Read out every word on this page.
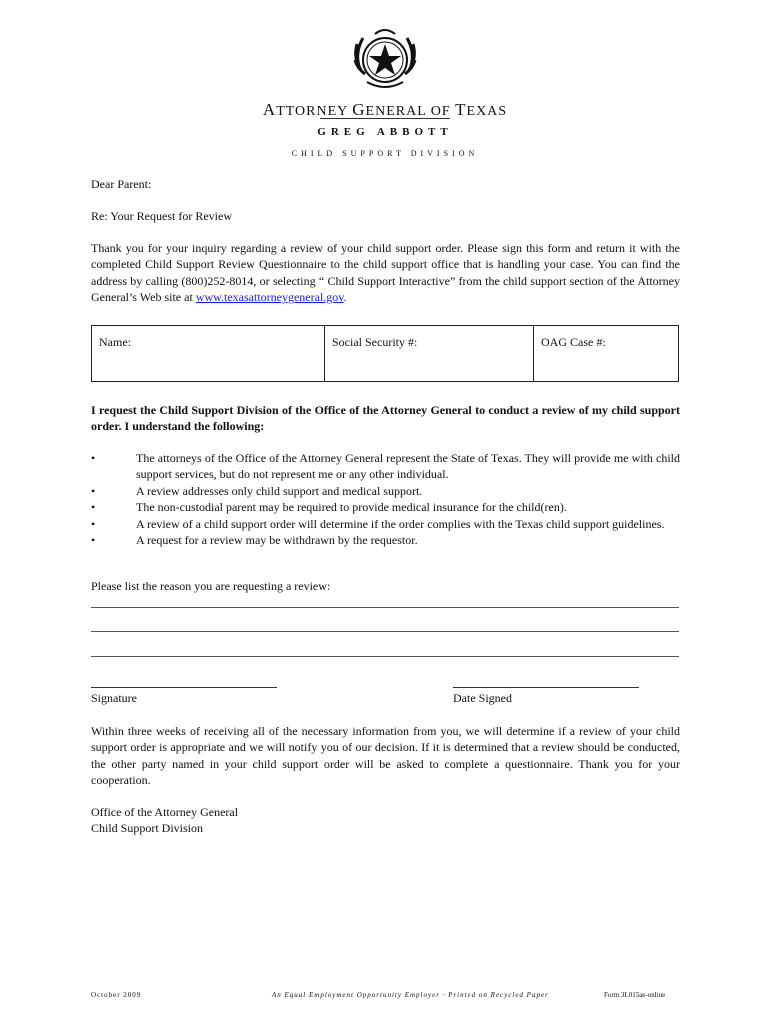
ATTORNEY GENERAL OF TEXAS
GREG ABBOTT
CHILD SUPPORT DIVISION
Dear Parent:
Re: Your Request for Review
Thank you for your inquiry regarding a review of your child support order. Please sign this form and return it with the completed Child Support Review Questionnaire to the child support office that is handling your case. You can find the address by calling (800)252-8014, or selecting “ Child Support Interactive” from the child support section of the Attorney General’s Web site at www.texasattorneygeneral.gov.
Name:	Social Security #:	OAG Case #:
I request the Child Support Division of the Office of the Attorney General to conduct a review of my child support order. I understand the following:
•	The attorneys of the Office of the Attorney General represent the State of Texas. They will provide me with child support services, but do not represent me or any other individual.
•	A review addresses only child support and medical support.
•	The non-custodial parent may be required to provide medical insurance for the child(ren).
•	A review of a child support order will determine if the order complies with the Texas child support guidelines.
•	A request for a review may be withdrawn by the requestor.
Please list the reason you are requesting a review:
Signature	Date Signed
Within three weeks of receiving all of the necessary information from you, we will determine if a review of your child support order is appropriate and we will notify you of our decision. If it is determined that a review should be conducted, the other party named in your child support order will be asked to complete a questionnaire. Thank you for your cooperation.
Office of the Attorney General
Child Support Division
October 2009	An Equal Employment Opportunity Employer · Printed on Recycled Paper	Form 3L015ae-online
